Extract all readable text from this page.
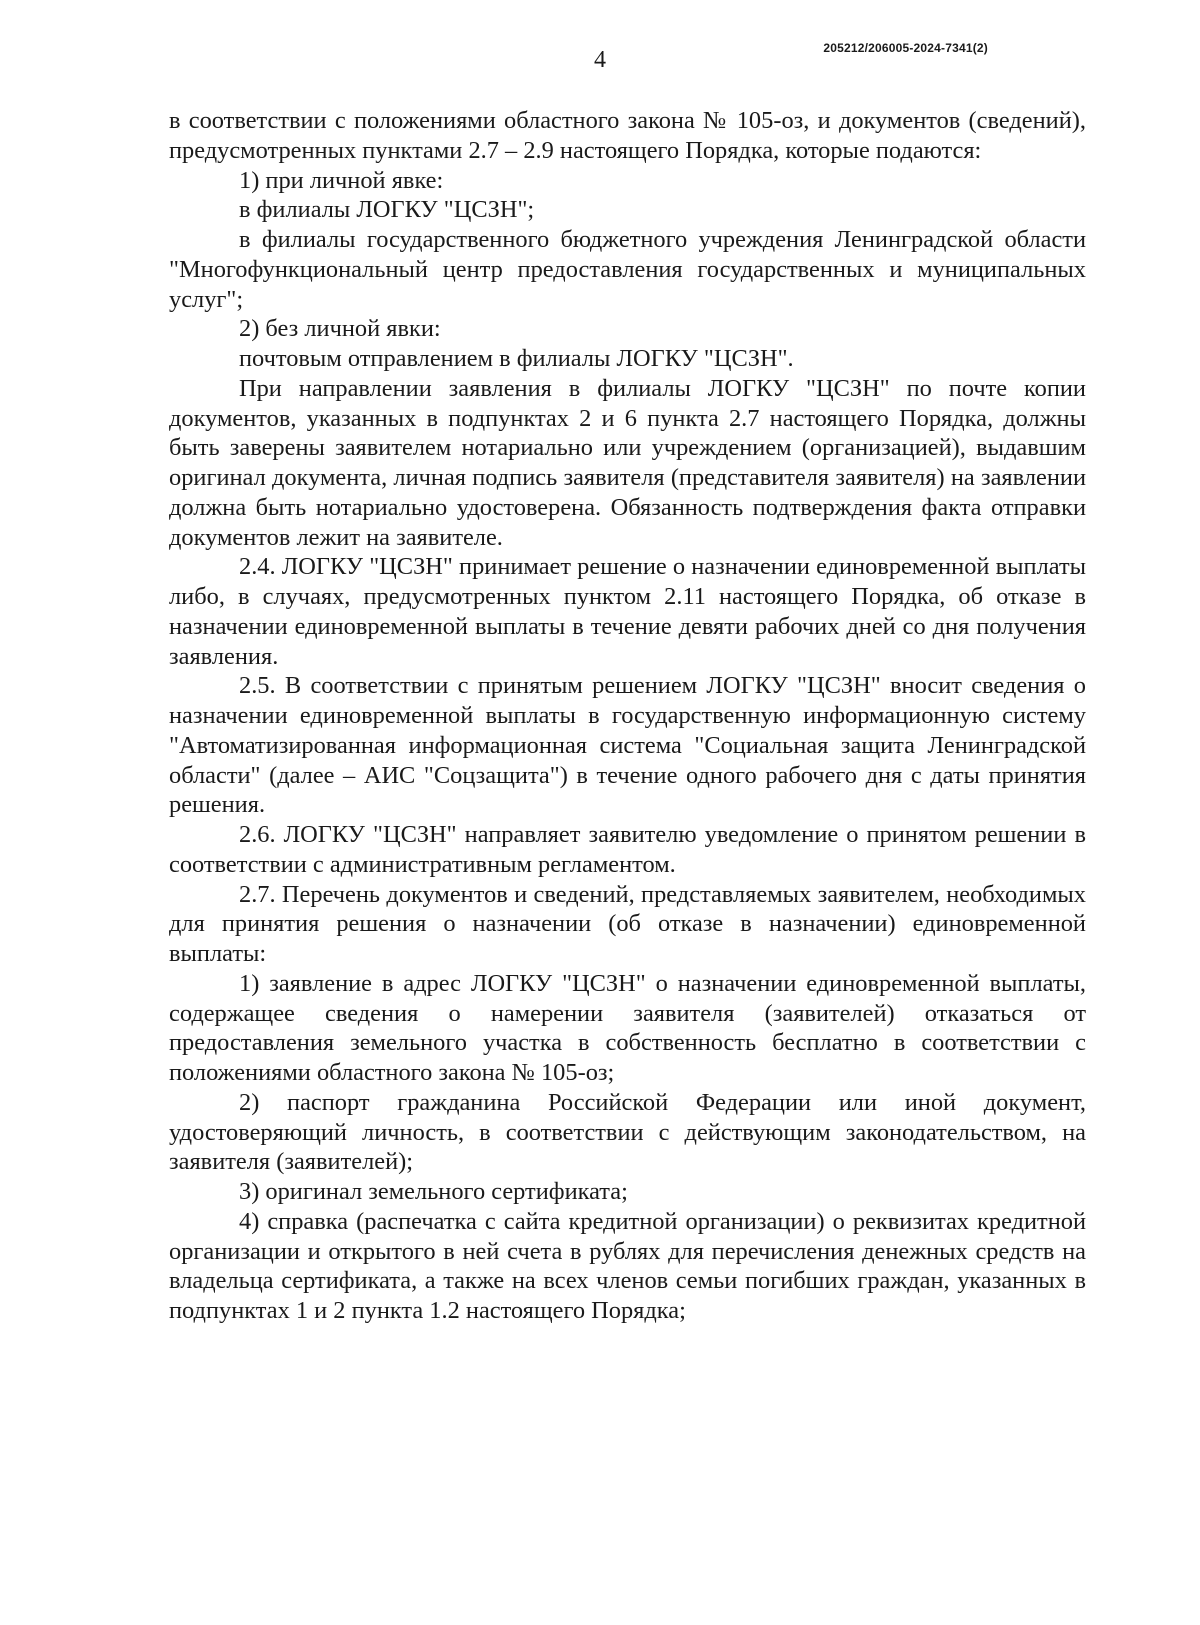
4	205212/206005-2024-7341(2)

в соответствии с положениями областного закона № 105-оз, и документов (сведений), предусмотренных пунктами 2.7 – 2.9 настоящего Порядка, которые подаются:

1) при личной явке:

в филиалы ЛОГКУ "ЦСЗН";

в филиалы государственного бюджетного учреждения Ленинградской области "Многофункциональный центр предоставления государственных и муниципальных услуг";

2) без личной явки:

почтовым отправлением в филиалы ЛОГКУ "ЦСЗН".

При направлении заявления в филиалы ЛОГКУ "ЦСЗН" по почте копии документов, указанных в подпунктах 2 и 6 пункта 2.7 настоящего Порядка, должны быть заверены заявителем нотариально или учреждением (организацией), выдавшим оригинал документа, личная подпись заявителя (представителя заявителя) на заявлении должна быть нотариально удостоверена. Обязанность подтверждения факта отправки документов лежит на заявителе.

2.4. ЛОГКУ "ЦСЗН" принимает решение о назначении единовременной выплаты либо, в случаях, предусмотренных пунктом 2.11 настоящего Порядка, об отказе в назначении единовременной выплаты в течение девяти рабочих дней со дня получения заявления.

2.5. В соответствии с принятым решением ЛОГКУ "ЦСЗН" вносит сведения о назначении единовременной выплаты в государственную информационную систему "Автоматизированная информационная система "Социальная защита Ленинградской области" (далее – АИС "Соцзащита") в течение одного рабочего дня с даты принятия решения.

2.6. ЛОГКУ "ЦСЗН" направляет заявителю уведомление о принятом решении в соответствии с административным регламентом.

2.7. Перечень документов и сведений, представляемых заявителем, необходимых для принятия решения о назначении (об отказе в назначении) единовременной выплаты:

1) заявление в адрес ЛОГКУ "ЦСЗН" о назначении единовременной выплаты, содержащее сведения о намерении заявителя (заявителей) отказаться от предоставления земельного участка в собственность бесплатно в соответствии с положениями областного закона № 105-оз;

2) паспорт гражданина Российской Федерации или иной документ, удостоверяющий личность, в соответствии с действующим законодательством, на заявителя (заявителей);

3) оригинал земельного сертификата;

4) справка (распечатка с сайта кредитной организации) о реквизитах кредитной организации и открытого в ней счета в рублях для перечисления денежных средств на владельца сертификата, а также на всех членов семьи погибших граждан, указанных в подпунктах 1 и 2 пункта 1.2 настоящего Порядка;
